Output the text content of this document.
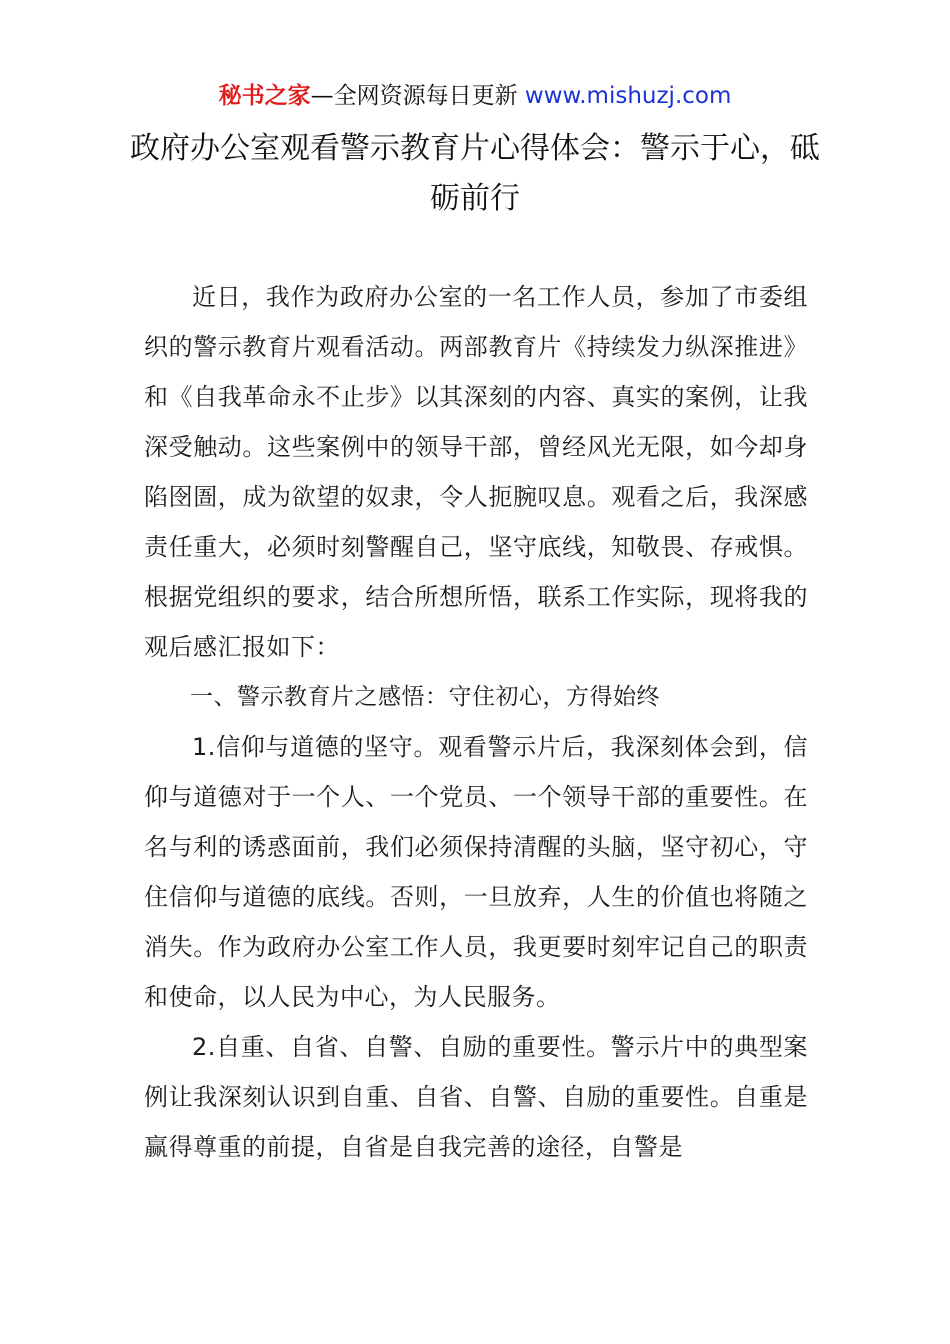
秘书之家—全网资源每日更新 www.mishuzj.com
政府办公室观看警示教育片心得体会：警示于心，砥砺前行

近日，我作为政府办公室的一名工作人员，参加了市委组织的警示教育片观看活动。两部教育片《持续发力纵深推进》和《自我革命永不止步》以其深刻的内容、真实的案例，让我深受触动。这些案例中的领导干部，曾经风光无限，如今却身陷囹圄，成为欲望的奴隶，令人扼腕叹息。观看之后，我深感责任重大，必须时刻警醒自己，坚守底线，知敬畏、存戒惧。根据党组织的要求，结合所想所悟，联系工作实际，现将我的观后感汇报如下：

一、警示教育片之感悟：守住初心，方得始终

1.信仰与道德的坚守。观看警示片后，我深刻体会到，信仰与道德对于一个人、一个党员、一个领导干部的重要性。在名与利的诱惑面前，我们必须保持清醒的头脑，坚守初心，守住信仰与道德的底线。否则，一旦放弃，人生的价值也将随之消失。作为政府办公室工作人员，我更要时刻牢记自己的职责和使命，以人民为中心，为人民服务。

2.自重、自省、自警、自励的重要性。警示片中的典型案例让我深刻认识到自重、自省、自警、自励的重要性。自重是赢得尊重的前提，自省是自我完善的途径，自警是
